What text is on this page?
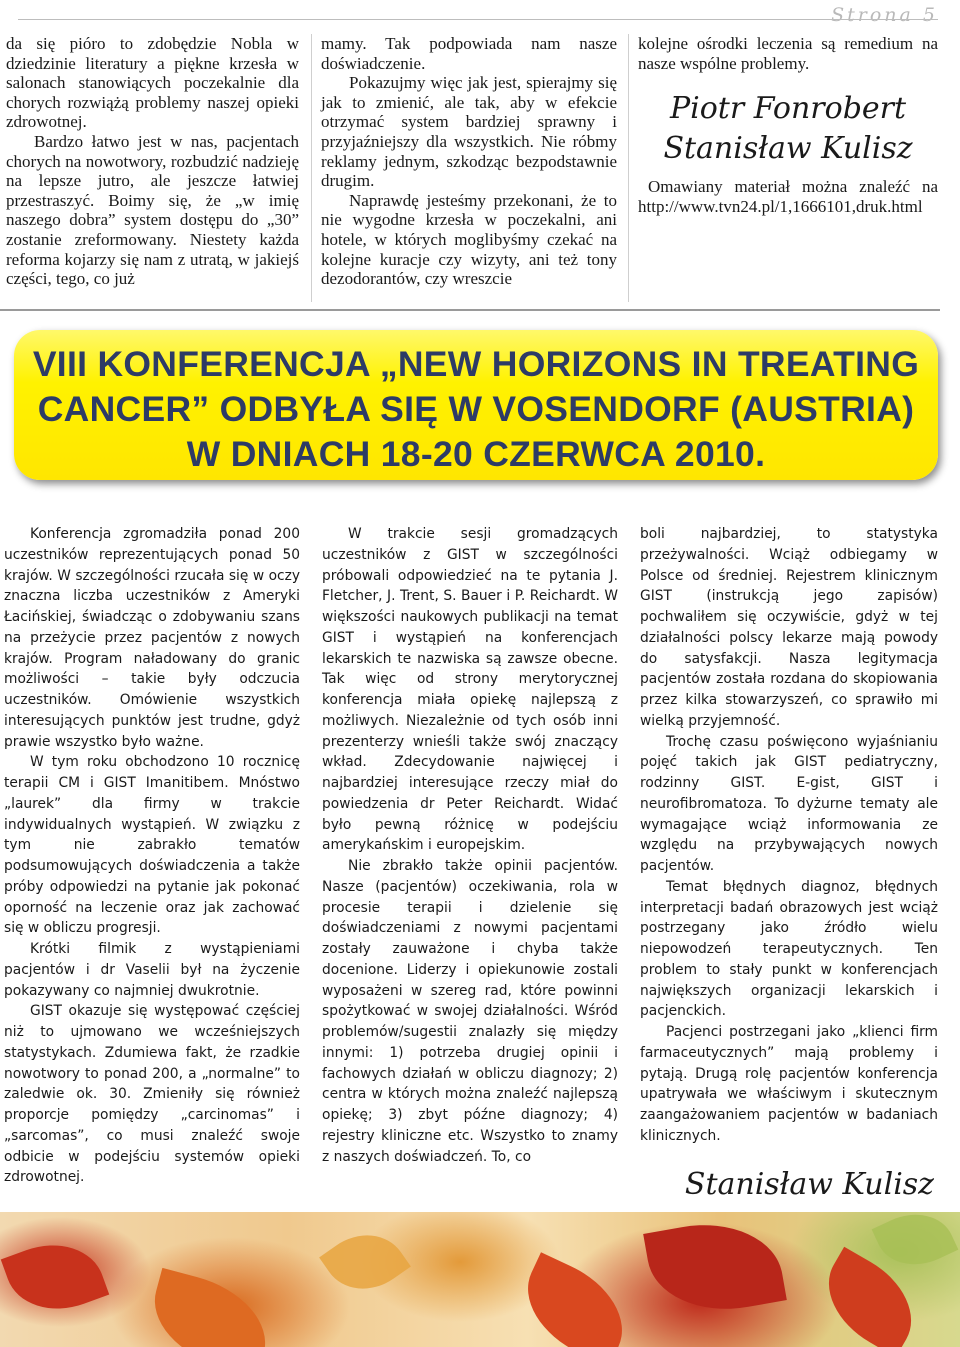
Strona 5

da się pióro to zdobędzie Nobla w dziedzinie literatury a piękne krzesła w salonach stanowiących poczekalnie dla chorych rozwiążą problemy naszej opieki zdrowotnej.

Bardzo łatwo jest w nas, pacjentach chorych na nowotwory, rozbudzić nadzieję na lepsze jutro, ale jeszcze łatwiej przestraszyć. Boimy się, że „w imię naszego dobra” system dostępu do „30” zostanie zreformowany. Niestety każda reforma kojarzy się nam z utratą, w jakiejś części, tego, co już

mamy. Tak podpowiada nam nasze doświadczenie.

Pokazujmy więc jak jest, spierajmy się jak to zmienić, ale tak, aby w efekcie otrzymać system bardziej sprawny i przyjaźniejszy dla wszystkich. Nie róbmy reklamy jednym, szkodząc bezpodstawnie drugim.

Naprawdę jesteśmy przekonani, że to nie wygodne krzesła w poczekalni, ani hotele, w których moglibyśmy czekać na kolejne kuracje czy wizyty, ani też tony dezodorantów, czy wreszcie

kolejne ośrodki leczenia są remedium na nasze wspólne problemy.

Piotr Fonrobert
Stanisław Kulisz

Omawiany materiał można znaleźć na http://www.tvn24.pl/1,1666101,druk.html

VIII KONFERENCJA „NEW HORIZONS IN TREATING
CANCER” ODBYŁA SIĘ W VOSENDORF (AUSTRIA)
W DNIACH 18-20 CZERWCA 2010.

Konferencja zgromadziła ponad 200 uczestników reprezentujących ponad 50 krajów. W szczególności rzucała się w oczy znaczna liczba uczestników z Ameryki Łacińskiej, świadcząc o zdobywaniu szans na przeżycie przez pacjentów z nowych krajów. Program naładowany do granic możliwości – takie były odczucia uczestników. Omówienie wszystkich interesujących punktów jest trudne, gdyż prawie wszystko było ważne.

W tym roku obchodzono 10 rocznicę terapii CM i GIST Imanitibem. Mnóstwo „laurek” dla firmy w trakcie indywidualnych wystąpień. W związku z tym nie zabrakło tematów podsumowujących doświadczenia a także próby odpowiedzi na pytanie jak pokonać oporność na leczenie oraz jak zachować się w obliczu progresji.

Krótki filmik z wystąpieniami pacjentów i dr Vaselii był na życzenie pokazywany co najmniej dwukrotnie.

GIST okazuje się występować częściej niż to ujmowano we wcześniejszych statystykach. Zdumiewa fakt, że rzadkie nowotwory to ponad 200, a „normalne” to zaledwie ok. 30. Zmieniły się również proporcje pomiędzy „carcinomas” i „sarcomas”, co musi znaleźć swoje odbicie w podejściu systemów opieki zdrowotnej.

W trakcie sesji gromadzących uczestników z GIST w szczególności próbowali odpowiedzieć na te pytania J. Fletcher, J. Trent, S. Bauer i P. Reichardt. W większości naukowych publikacji na temat GIST i wystąpień na konferencjach lekarskich te nazwiska są zawsze obecne. Tak więc od strony merytorycznej konferencja miała opiekę najlepszą z możliwych. Niezależnie od tych osób inni prezenterzy wnieśli także swój znaczący wkład. Zdecydowanie najwięcej i najbardziej interesujące rzeczy miał do powiedzenia dr Peter Reichardt. Widać było pewną różnicę w podejściu amerykańskim i europejskim.

Nie zbrakło także opinii pacjentów. Nasze (pacjentów) oczekiwania, rola w procesie terapii i dzielenie się doświadczeniami z nowymi pacjentami zostały zauważone i chyba także docenione. Liderzy i opiekunowie zostali wyposażeni w szereg rad, które powinni spożytkować w swojej działalności. Wśród problemów/sugestii znalazły się między innymi: 1) potrzeba drugiej opinii i fachowych działań w obliczu diagnozy; 2) centra w których można znaleźć najlepszą opiekę; 3) zbyt późne diagnozy; 4) rejestry kliniczne etc. Wszystko to znamy z naszych doświadczeń. To, co

boli najbardziej, to statystyka przeżywalności. Wciąż odbiegamy w Polsce od średniej. Rejestrem klinicznym GIST (instrukcją jego zapisów) pochwaliłem się oczywiście, gdyż w tej działalności polscy lekarze mają powody do satysfakcji. Nasza legitymacja pacjentów została rozdana do skopiowania przez kilka stowarzyszeń, co sprawiło mi wielką przyjemność.

Trochę czasu poświęcono wyjaśnianiu pojęć takich jak GIST pediatryczny, rodzinny GIST. E-gist, GIST i neurofibromatoza. To dyżurne tematy ale wymagające wciąż informowania ze względu na przybywających nowych pacjentów.

Temat błędnych diagnoz, błędnych interpretacji badań obrazowych jest wciąż postrzegany jako źródło wielu niepowodzeń terapeutycznych. Ten problem to stały punkt w konferencjach największych organizacji lekarskich i pacjenckich.

Pacjenci postrzegani jako „klienci firm farmaceutycznych” mają problemy i pytają. Drugą rolę pacjentów konferencja upatrywała we właściwym i skutecznym zaangażowaniem pacjentów w badaniach klinicznych.

Stanisław Kulisz
